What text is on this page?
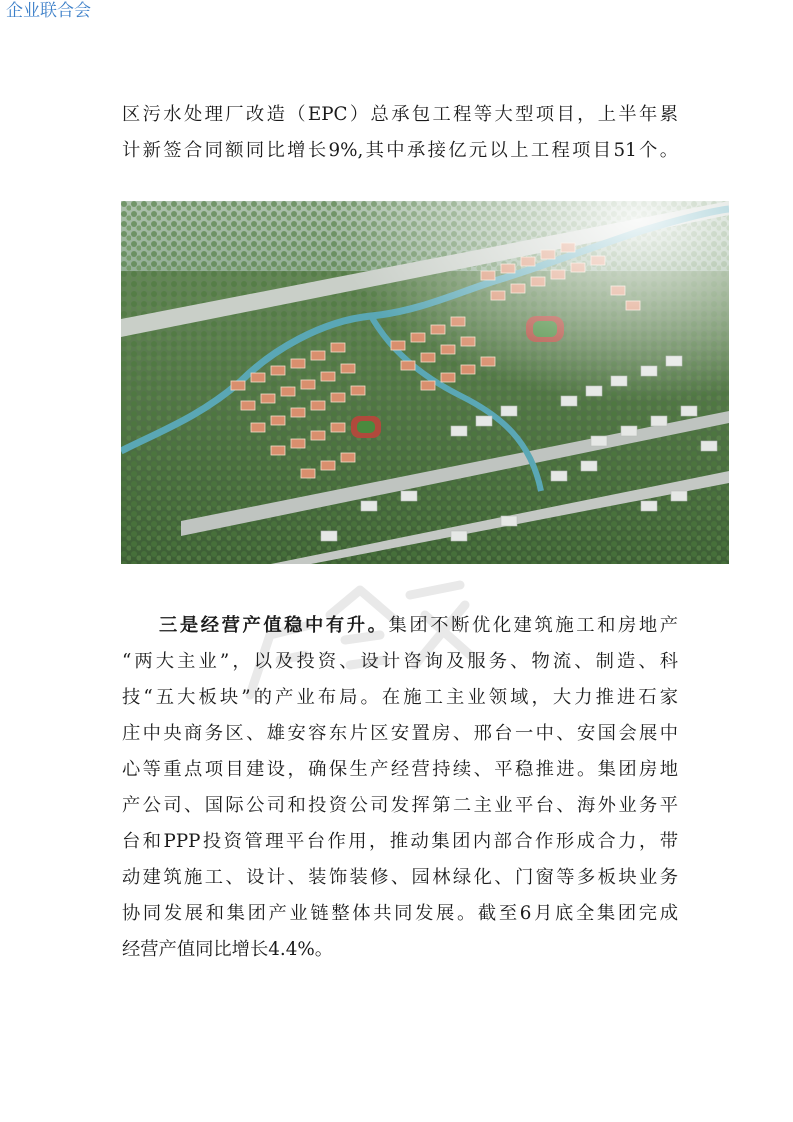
企业联合会
区污水处理厂改造（EPC）总承包工程等大型项目，上半年累
计新签合同额同比增长9%,其中承接亿元以上工程项目51个。
三是经营产值稳中有升。集团不断优化建筑施工和房地产
“两大主业”，以及投资、设计咨询及服务、物流、制造、科
技“五大板块”的产业布局。在施工主业领域，大力推进石家
庄中央商务区、雄安容东片区安置房、邢台一中、安国会展中
心等重点项目建设，确保生产经营持续、平稳推进。集团房地
产公司、国际公司和投资公司发挥第二主业平台、海外业务平
台和PPP投资管理平台作用，推动集团内部合作形成合力，带
动建筑施工、设计、装饰装修、园林绿化、门窗等多板块业务
协同发展和集团产业链整体共同发展。截至6月底全集团完成
经营产值同比增长4.4%。
